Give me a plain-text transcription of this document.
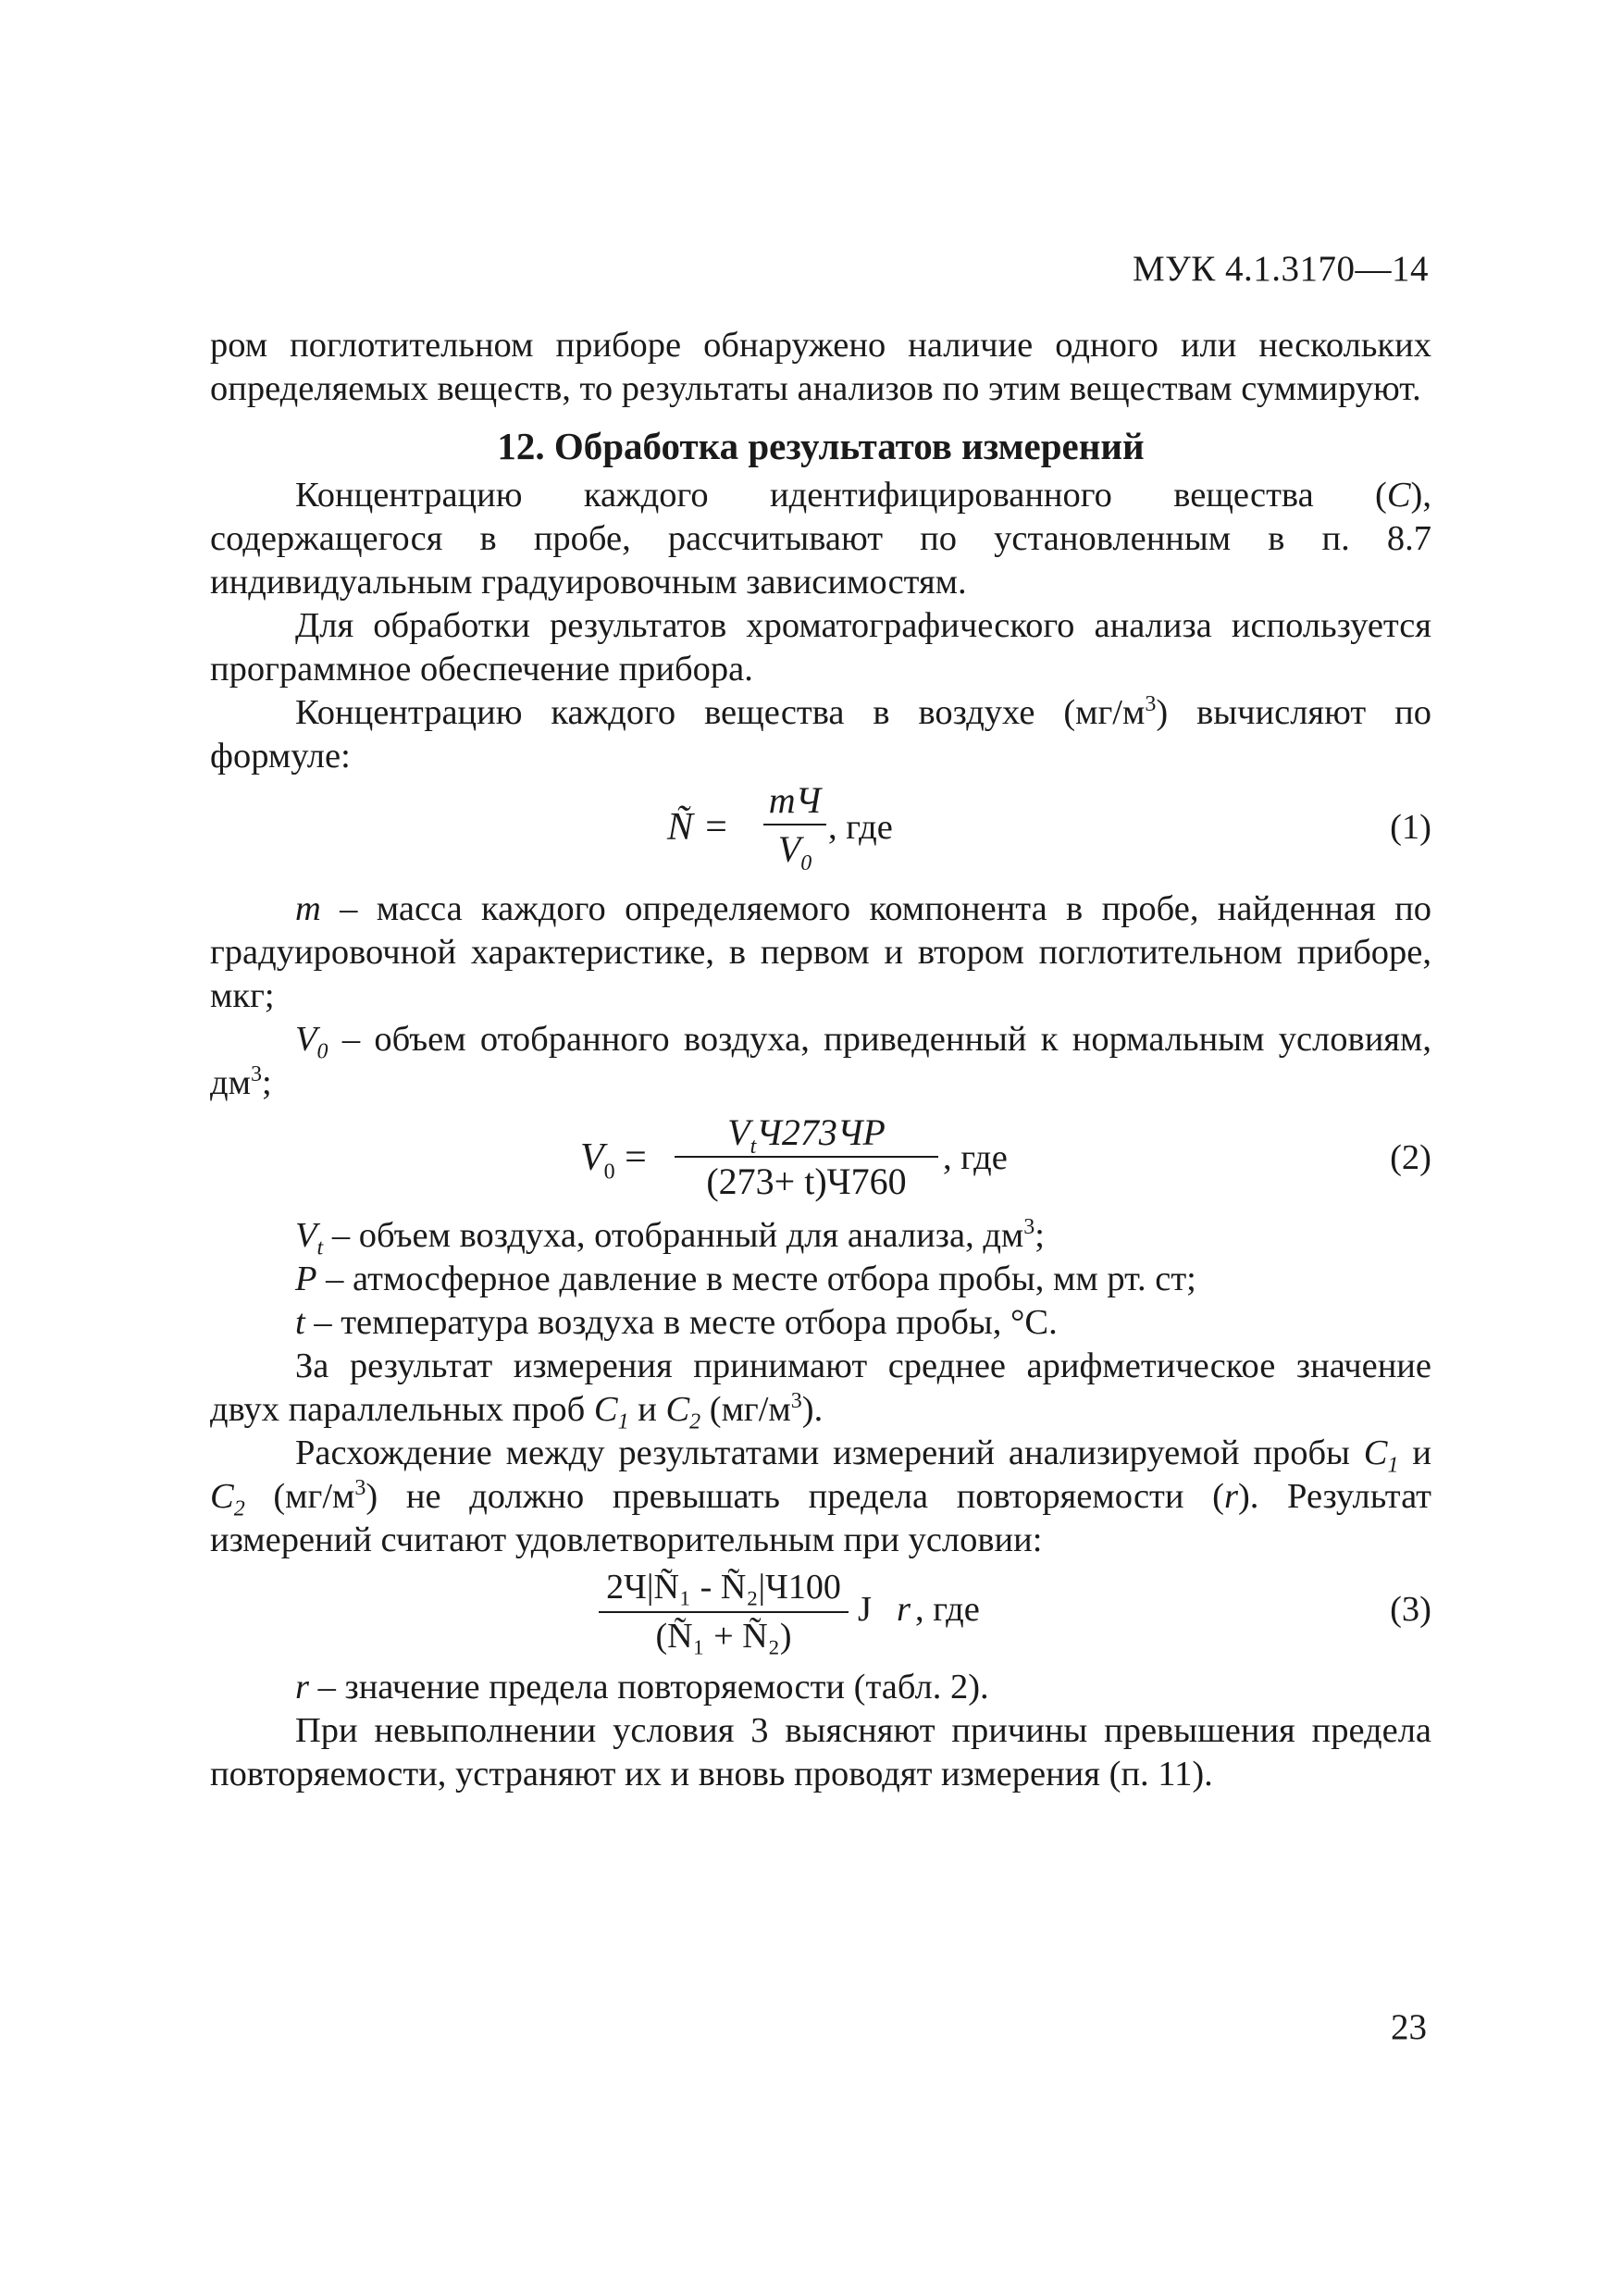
МУК 4.1.3170—14

ром поглотительном приборе обнаружено наличие одного или нескольких определяемых веществ, то результаты анализов по этим веществам суммируют.

12. Обработка результатов измерений

Концентрацию каждого идентифицированного вещества (C), содержащегося в пробе, рассчитывают по установленным в п. 8.7 индивидуальным градуировочным зависимостям.

Для обработки результатов хроматографического анализа используется программное обеспечение прибора.

Концентрацию каждого вещества в воздухе $(мг/м^3)$ вычисляют по формуле:

Ñ =
mЧ
$V_0$
, где	(1)

m – масса каждого определяемого компонента в пробе, найденная по градуировочной характеристике, в первом и втором поглотительном приборе, мкг;

$V_0$ – объем отобранного воздуха, приведенный к нормальным условиям, $дм^3$;

$V_0$ =
$V_tЧ273ЧP$
(273+ t)Ч760
, где	(2)

$V_t$ – объем воздуха, отобранный для анализа, $дм^3$;

P – атмосферное давление в месте отбора пробы, мм рт. ст;

t – температура воздуха в месте отбора пробы, °С.

За результат измерения принимают среднее арифметическое значение двух параллельных проб $C_1$ и $C_2$ $(мг/м^3)$.

Расхождение между результатами измерений анализируемой пробы $C_1$ и $C_2$ $(мг/м^3)$ не должно превышать предела повторяемости (r). Результат измерений считают удовлетворительным при условии:

2Ч|Ñ₁ - Ñ₂|Ч100
(Ñ₁ + Ñ₂)
J r , где	(3)

r – значение предела повторяемости (табл. 2).

При невыполнении условия 3 выясняют причины превышения предела повторяемости, устраняют их и вновь проводят измерения (п. 11).

23
